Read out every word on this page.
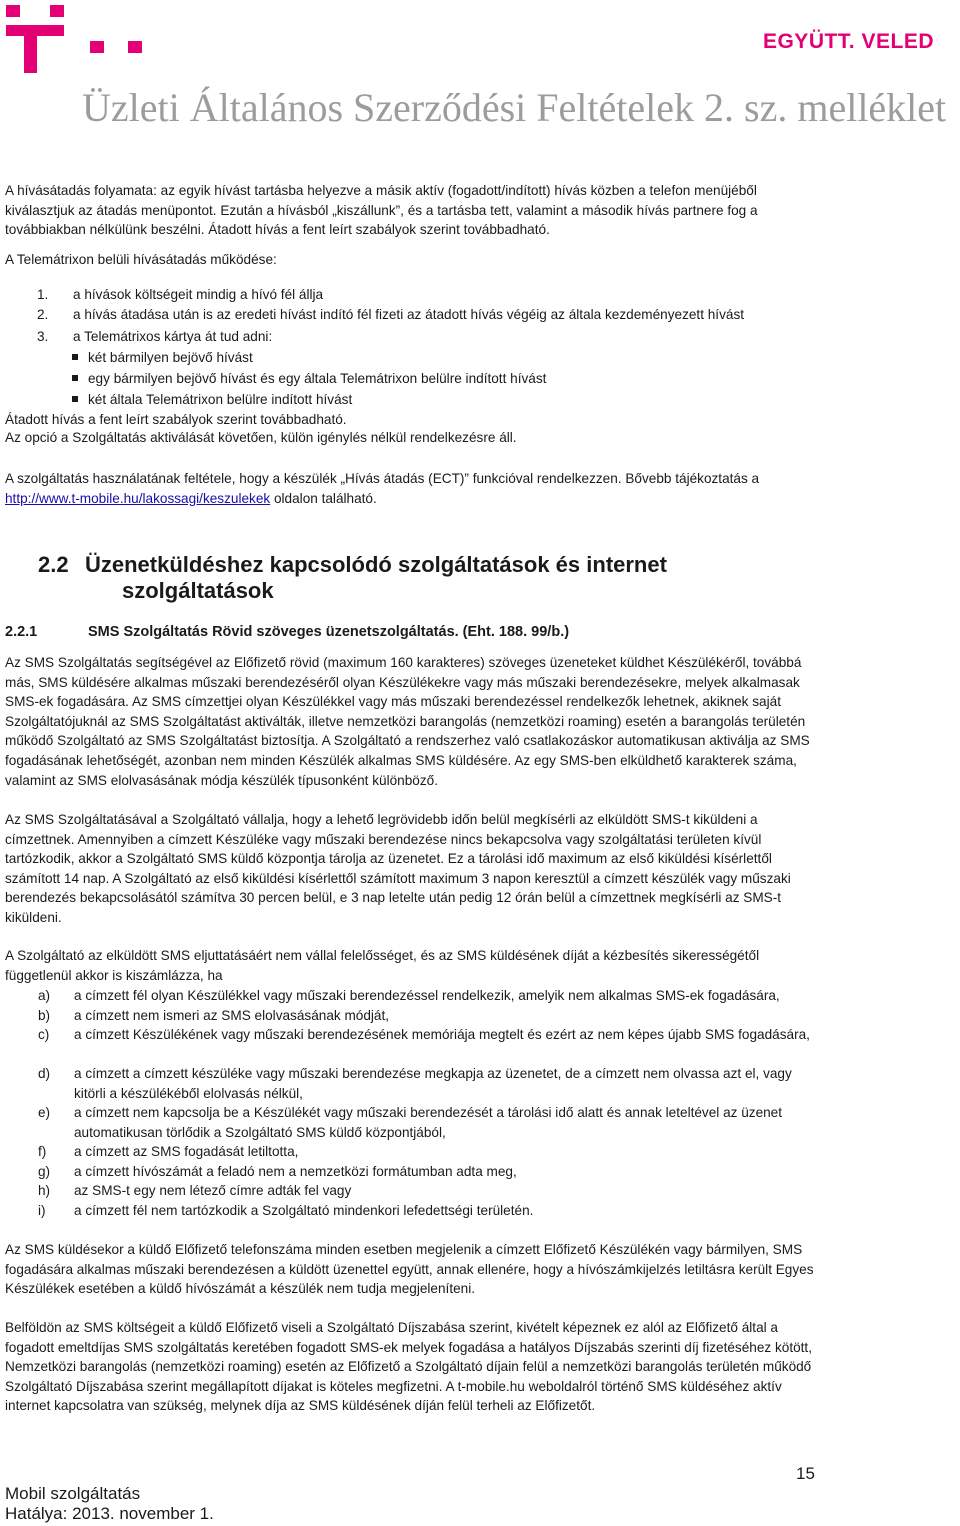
EGYÜTT. VELED
Üzleti Általános Szerződési Feltételek 2. sz. melléklet

A hívásátadás folyamata: az egyik hívást tartásba helyezve a másik aktív (fogadott/indított) hívás közben a telefon menüjéből kiválasztjuk az átadás menüpontot. Ezután a hívásból „kiszállunk”, és a tartásba tett, valamint a második hívás partnere fog a továbbiakban nélkülünk beszélni. Átadott hívás a fent leírt szabályok szerint továbbadható.

A Telemátrixon belüli hívásátadás működése:
1. a hívások költségeit mindig a hívó fél állja
2. a hívás átadása után is az eredeti hívást indító fél fizeti az átadott hívás végéig az általa kezdeményezett hívást
3. a Telemátrixos kártya át tud adni:
két bármilyen bejövő hívást
egy bármilyen bejövő hívást és egy általa Telemátrixon belülre indított hívást
két általa Telemátrixon belülre indított hívást
Átadott hívás a fent leírt szabályok szerint továbbadható.
Az opció a Szolgáltatás aktiválását követően, külön igénylés nélkül rendelkezésre áll.

A szolgáltatás használatának feltétele, hogy a készülék „Hívás átadás (ECT)” funkcióval rendelkezzen. Bővebb tájékoztatás a http://www.t-mobile.hu/lakossagi/keszulekek oldalon található.

2.2 Üzenetküldéshez kapcsolódó szolgáltatások és internet
szolgáltatások
2.2.1	SMS Szolgáltatás Rövid szöveges üzenetszolgáltatás. (Eht. 188. 99/b.)

Az SMS Szolgáltatás segítségével az Előfizető rövid (maximum 160 karakteres) szöveges üzeneteket küldhet Készülékéről, továbbá más, SMS küldésére alkalmas műszaki berendezéséről olyan Készülékekre vagy más műszaki berendezésekre, melyek alkalmasak SMS-ek fogadására. Az SMS címzettjei olyan Készülékkel vagy más műszaki berendezéssel rendelkezők lehetnek, akiknek saját Szolgáltatójuknál az SMS Szolgáltatást aktiválták, illetve nemzetközi barangolás (nemzetközi roaming) esetén a barangolás területén működő Szolgáltató az SMS Szolgáltatást biztosítja. A Szolgáltató a rendszerhez való csatlakozáskor automatikusan aktiválja az SMS fogadásának lehetőségét, azonban nem minden Készülék alkalmas SMS küldésére. Az egy SMS-ben elküldhető karakterek száma, valamint az SMS elolvasásának módja készülék típusonként különböző.

Az SMS Szolgáltatásával a Szolgáltató vállalja, hogy a lehető legrövidebb időn belül megkísérli az elküldött SMS-t kiküldeni a címzettnek. Amennyiben a címzett Készüléke vagy műszaki berendezése nincs bekapcsolva vagy szolgáltatási területen kívül tartózkodik, akkor a Szolgáltató SMS küldő központja tárolja az üzenetet. Ez a tárolási idő maximum az első kiküldési kísérlettől számított 14 nap. A Szolgáltató az első kiküldési kísérlettől számított maximum 3 napon keresztül a címzett készülék vagy műszaki berendezés bekapcsolásától számítva 30 percen belül, e 3 nap letelte után pedig 12 órán belül a címzettnek megkísérli az SMS-t kiküldeni.

A Szolgáltató az elküldött SMS eljuttatásáért nem vállal felelősséget, és az SMS küldésének díját a kézbesítés sikerességétől függetlenül akkor is kiszámlázza, ha

a)	a címzett fél olyan Készülékkel vagy műszaki berendezéssel rendelkezik, amelyik nem alkalmas SMS-ek fogadására,
b)	a címzett nem ismeri az SMS elolvasásának módját,
c)	a címzett Készülékének vagy műszaki berendezésének memóriája megtelt és ezért az nem képes újabb SMS fogadására,
d)	a címzett a címzett készüléke vagy műszaki berendezése megkapja az üzenetet, de a címzett nem olvassa azt el, vagy kitörli a készülékéből elolvasás nélkül,
e)	a címzett nem kapcsolja be a Készülékét vagy műszaki berendezését a tárolási idő alatt és annak leteltével az üzenet automatikusan törlődik a Szolgáltató SMS küldő központjából,
f)	a címzett az SMS fogadását letiltotta,
g)	a címzett hívószámát a feladó nem a nemzetközi formátumban adta meg,
h)	az SMS-t egy nem létező címre adták fel vagy
i)	a címzett fél nem tartózkodik a Szolgáltató mindenkori lefedettségi területén.

Az SMS küldésekor a küldő Előfizető telefonszáma minden esetben megjelenik a címzett Előfizető Készülékén vagy bármilyen, SMS fogadására alkalmas műszaki berendezésen a küldött üzenettel együtt, annak ellenére, hogy a hívószámkijelzés letiltásra került Egyes Készülékek esetében a küldő hívószámát a készülék nem tudja megjeleníteni.

Belföldön az SMS költségeit a küldő Előfizető viseli a Szolgáltató Díjszabása szerint, kivételt képeznek ez alól az Előfizető által a fogadott emeltdíjas SMS szolgáltatás keretében fogadott SMS-ek melyek fogadása a hatályos Díjszabás szerinti díj fizetéséhez kötött, Nemzetközi barangolás (nemzetközi roaming) esetén az Előfizető a Szolgáltató díjain felül a nemzetközi barangolás területén működő Szolgáltató Díjszabása szerint megállapított díjakat is köteles megfizetni. A t-mobile.hu weboldalról történő SMS küldéséhez aktív internet kapcsolatra van szükség, melynek díja az SMS küldésének díján felül terheli az Előfizetőt.

15
Mobil szolgáltatás
Hatálya: 2013. november 1.
